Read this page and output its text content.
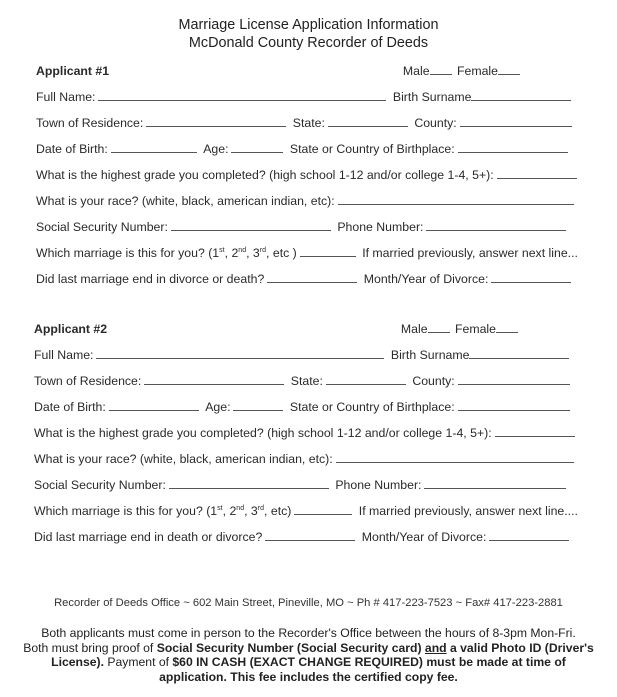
Marriage License Application Information
McDonald County Recorder of Deeds
Applicant #1	Male Female
Full Name:	Birth Surname
Town of Residence:	State:	County:
Date of Birth:	Age:	State or Country of Birthplace:
What is the highest grade you completed? (high school 1-12 and/or college 1-4, 5+):
What is your race? (white, black, american indian, etc):
Social Security Number:	Phone Number:
Which marriage is this for you? (1st, 2nd, 3rd, etc )	If married previously, answer next line...
Did last marriage end in divorce or death?	Month/Year of Divorce:
Applicant #2	Male Female
Full Name:	Birth Surname
Town of Residence:	State:	County:
Date of Birth:	Age:	State or Country of Birthplace:
What is the highest grade you completed? (high school 1-12 and/or college 1-4, 5+):
What is your race? (white, black, american indian, etc):
Social Security Number:	Phone Number:
Which marriage is this for you? (1st, 2nd, 3rd, etc)	If married previously, answer next line....
Did last marriage end in death or divorce?	Month/Year of Divorce:
Recorder of Deeds Office ~ 602 Main Street, Pineville, MO ~ Ph # 417-223-7523 ~ Fax# 417-223-2881
Both applicants must come in person to the Recorder's Office between the hours of 8-3pm Mon-Fri.
Both must bring proof of Social Security Number (Social Security card) and a valid Photo ID (Driver's License). Payment of $60 IN CASH (EXACT CHANGE REQUIRED) must be made at time of application. This fee includes the certified copy fee.
